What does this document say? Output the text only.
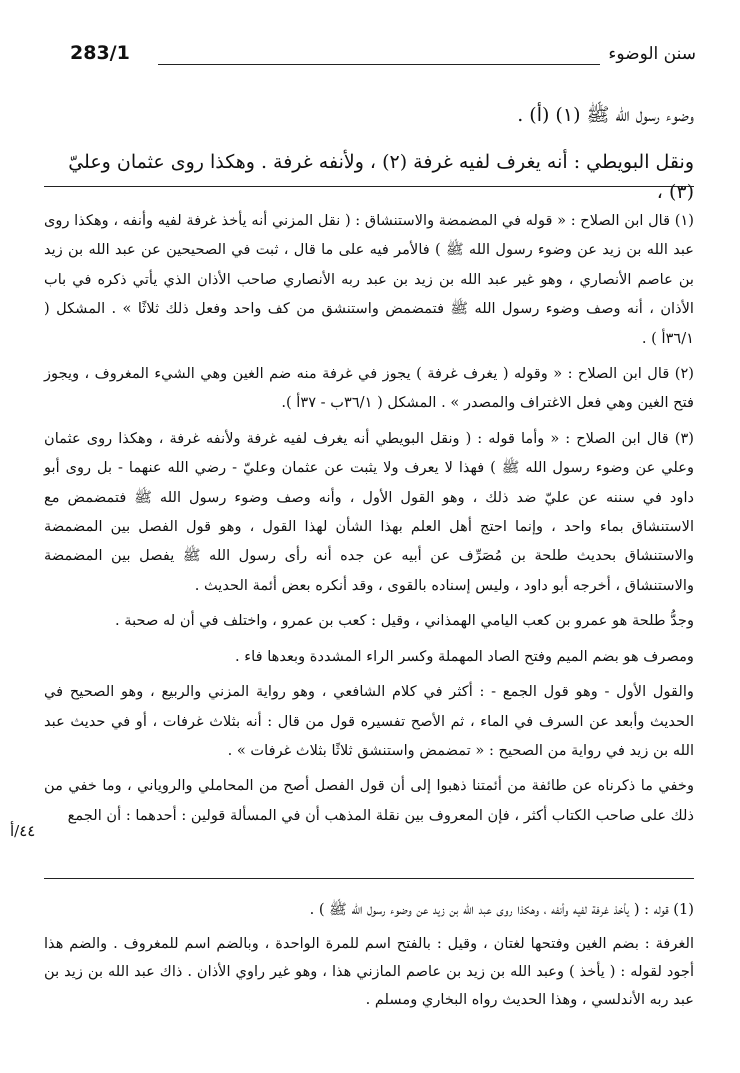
سنن الوضوء
283/1
وضوء رسول الله ﷺ (١) (أ) .
ونقل البويطي : أنه يغرف لفيه غرفة (٢) ، ولأنفه غرفة . وهكذا روى عثمان وعليّ (٣) ،

(١) قال ابن الصلاح : « قوله في المضمضة والاستنشاق : ( نقل المزني أنه يأخذ غرفة لفيه وأنفه ، وهكذا روى عبد الله بن زيد عن وضوء رسول الله ﷺ ) فالأمر فيه على ما قال ، ثبت في الصحيحين عن عبد الله بن زيد بن عاصم الأنصاري ، وهو غير عبد الله بن زيد بن عبد ربه الأنصاري صاحب الأذان الذي يأتي ذكره في باب الأذان ، أنه وصف وضوء رسول الله ﷺ فتمضمض واستنشق من كف واحد وفعل ذلك ثلاثًا » . المشكل ( ٣٦/١أ ) .

(٢) قال ابن الصلاح : « وقوله ( يغرف غرفة ) يجوز في غرفة منه ضم الغين وهي الشيء المغروف ، ويجوز فتح الغين وهي فعل الاغتراف والمصدر » . المشكل ( ٣٦/١ب - ٣٧أ ).

(٣) قال ابن الصلاح : « وأما قوله : ( ونقل البويطي أنه يغرف لفيه غرفة ولأنفه غرفة ، وهكذا روى عثمان وعلي عن وضوء رسول الله ﷺ ) فهذا لا يعرف ولا يثبت عن عثمان وعليّ - رضي الله عنهما - بل روى أبو داود في سننه عن عليّ ضد ذلك ، وهو القول الأول ، وأنه وصف وضوء رسول الله ﷺ فتمضمض مع الاستنشاق بماء واحد ، وإنما احتج أهل العلم بهذا الشأن لهذا القول ، وهو قول الفصل بين المضمضة والاستنشاق بحديث طلحة بن مُصَرِّف عن أبيه عن جده أنه رأى رسول الله ﷺ يفصل بين المضمضة والاستنشاق ، أخرجه أبو داود ، وليس إسناده بالقوى ، وقد أنكره بعض أئمة الحديث .

وجدُّ طلحة هو عمرو بن كعب اليامي الهمذاني ، وقيل : كعب بن عمرو ، واختلف في أن له صحبة .

ومصرف هو بضم الميم وفتح الصاد المهملة وكسر الراء المشددة وبعدها فاء .

والقول الأول - وهو قول الجمع - : أكثر في كلام الشافعي ، وهو رواية المزني والربيع ، وهو الصحيح في الحديث وأبعد عن السرف في الماء ، ثم الأصح تفسيره قول من قال : أنه بثلاث غرفات ، أو في حديث عبد الله بن زيد في رواية من الصحيح : « تمضمض واستنشق ثلاثًا بثلاث غرفات » .

وخفي ما ذكرناه عن طائفة من أئمتنا ذهبوا إلى أن قول الفصل أصح من المحاملي والروياني ، وما خفي من ذلك على صاحب الكتاب أكثر ، فإن المعروف بين نقلة المذهب أن في المسألة قولين : أحدهما : أن الجمع

٤٤/أ

(1) قوله : ( يأخذ غرفة لفيه وأنفه ، وهكذا روى عبد الله بن زيد عن وضوء رسول الله ﷺ ) .

الغرفة : بضم الغين وفتحها لغتان ، وقيل : بالفتح اسم للمرة الواحدة ، وبالضم اسم للمغروف . والضم هذا أجود لقوله : ( يأخذ ) وعبد الله بن زيد بن عاصم المازني هذا ، وهو غير راوي الأذان . ذاك عبد الله بن زيد بن عبد ربه الأندلسي ، وهذا الحديث رواه البخاري ومسلم .
